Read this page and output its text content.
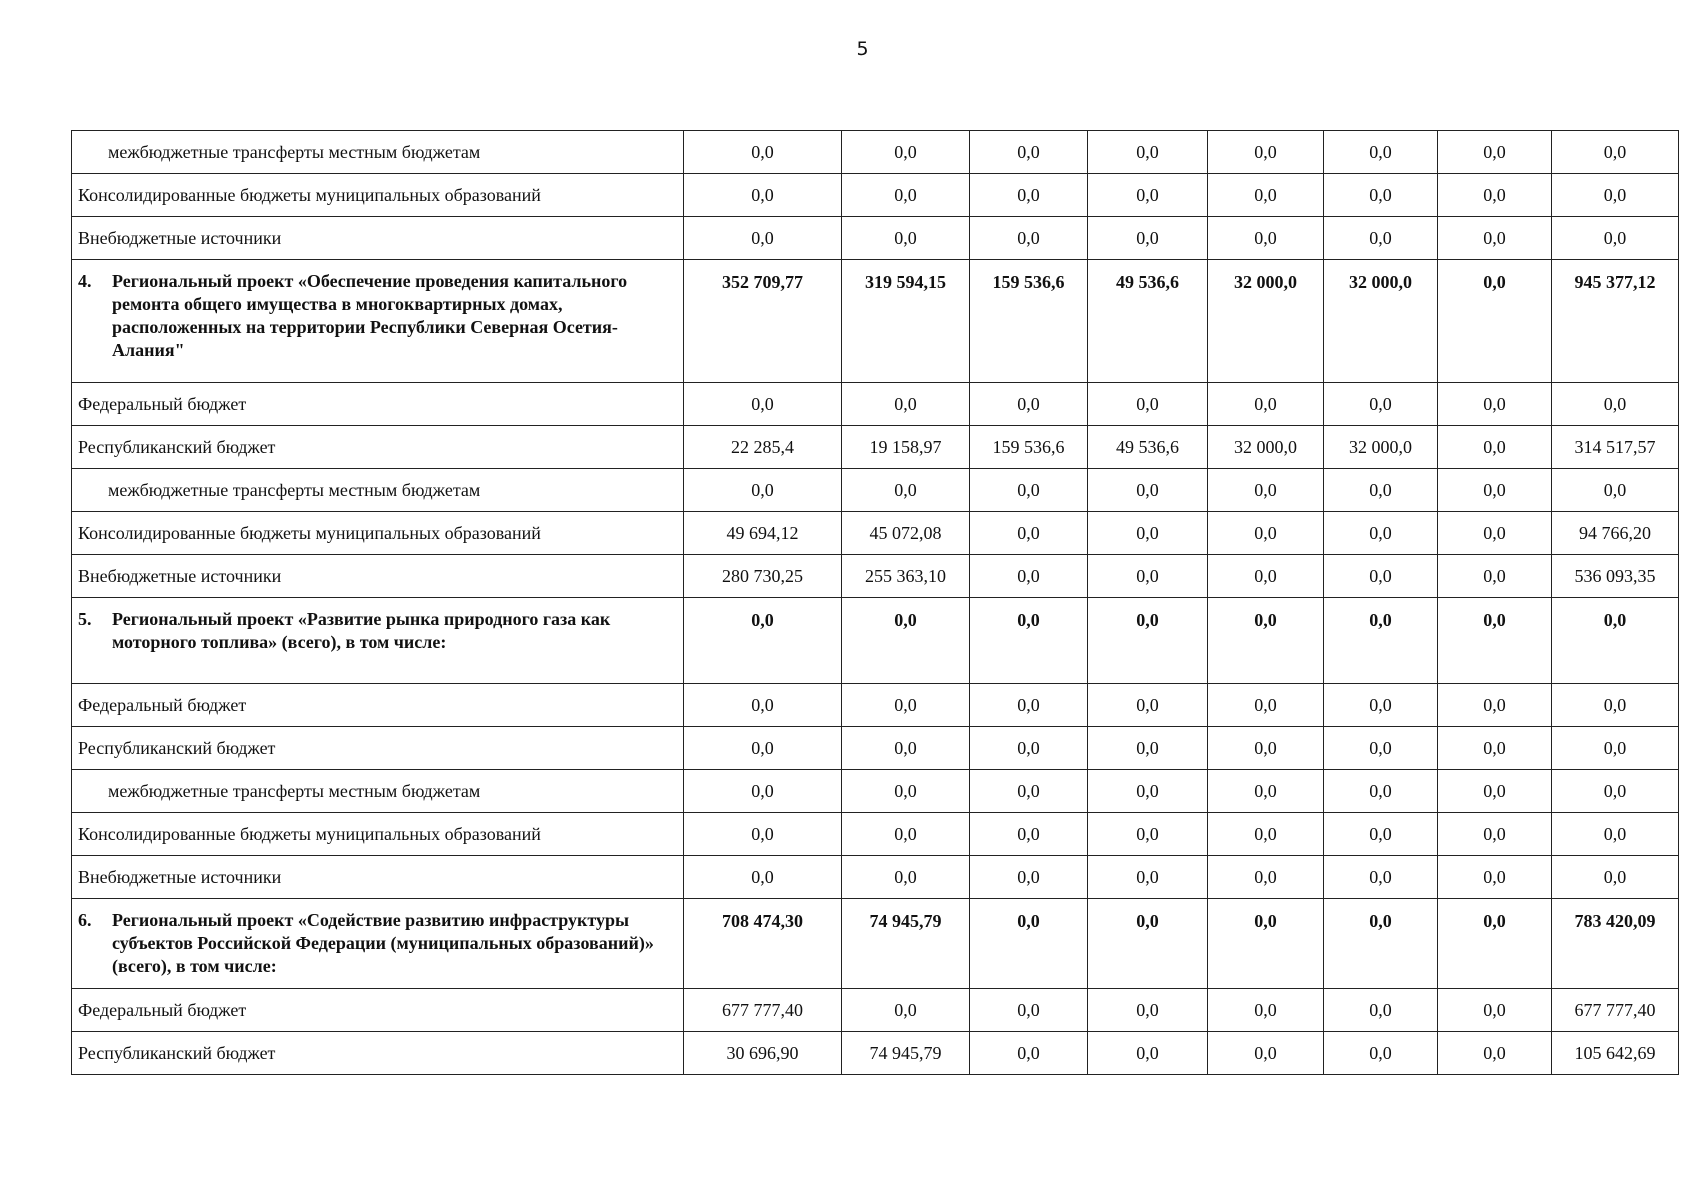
5
межбюджетные трансферты местным бюджетам	0,0	0,0	0,0	0,0	0,0	0,0	0,0	0,0
Консолидированные бюджеты муниципальных образований	0,0	0,0	0,0	0,0	0,0	0,0	0,0	0,0
Внебюджетные источники	0,0	0,0	0,0	0,0	0,0	0,0	0,0	0,0
4. Региональный проект «Обеспечение проведения капитального ремонта общего имущества в многоквартирных домах, расположенных на территории Республики Северная Осетия-Алания"	352 709,77	319 594,15	159 536,6	49 536,6	32 000,0	32 000,0	0,0	945 377,12
Федеральный бюджет	0,0	0,0	0,0	0,0	0,0	0,0	0,0	0,0
Республиканский бюджет	22 285,4	19 158,97	159 536,6	49 536,6	32 000,0	32 000,0	0,0	314 517,57
межбюджетные трансферты местным бюджетам	0,0	0,0	0,0	0,0	0,0	0,0	0,0	0,0
Консолидированные бюджеты муниципальных образований	49 694,12	45 072,08	0,0	0,0	0,0	0,0	0,0	94 766,20
Внебюджетные источники	280 730,25	255 363,10	0,0	0,0	0,0	0,0	0,0	536 093,35
5. Региональный проект «Развитие рынка природного газа как моторного топлива» (всего), в том числе:	0,0	0,0	0,0	0,0	0,0	0,0	0,0	0,0
Федеральный бюджет	0,0	0,0	0,0	0,0	0,0	0,0	0,0	0,0
Республиканский бюджет	0,0	0,0	0,0	0,0	0,0	0,0	0,0	0,0
межбюджетные трансферты местным бюджетам	0,0	0,0	0,0	0,0	0,0	0,0	0,0	0,0
Консолидированные бюджеты муниципальных образований	0,0	0,0	0,0	0,0	0,0	0,0	0,0	0,0
Внебюджетные источники	0,0	0,0	0,0	0,0	0,0	0,0	0,0	0,0
6. Региональный проект «Содействие развитию инфраструктуры субъектов Российской Федерации (муниципальных образований)» (всего), в том числе:	708 474,30	74 945,79	0,0	0,0	0,0	0,0	0,0	783 420,09
Федеральный бюджет	677 777,40	0,0	0,0	0,0	0,0	0,0	0,0	677 777,40
Республиканский бюджет	30 696,90	74 945,79	0,0	0,0	0,0	0,0	0,0	105 642,69
